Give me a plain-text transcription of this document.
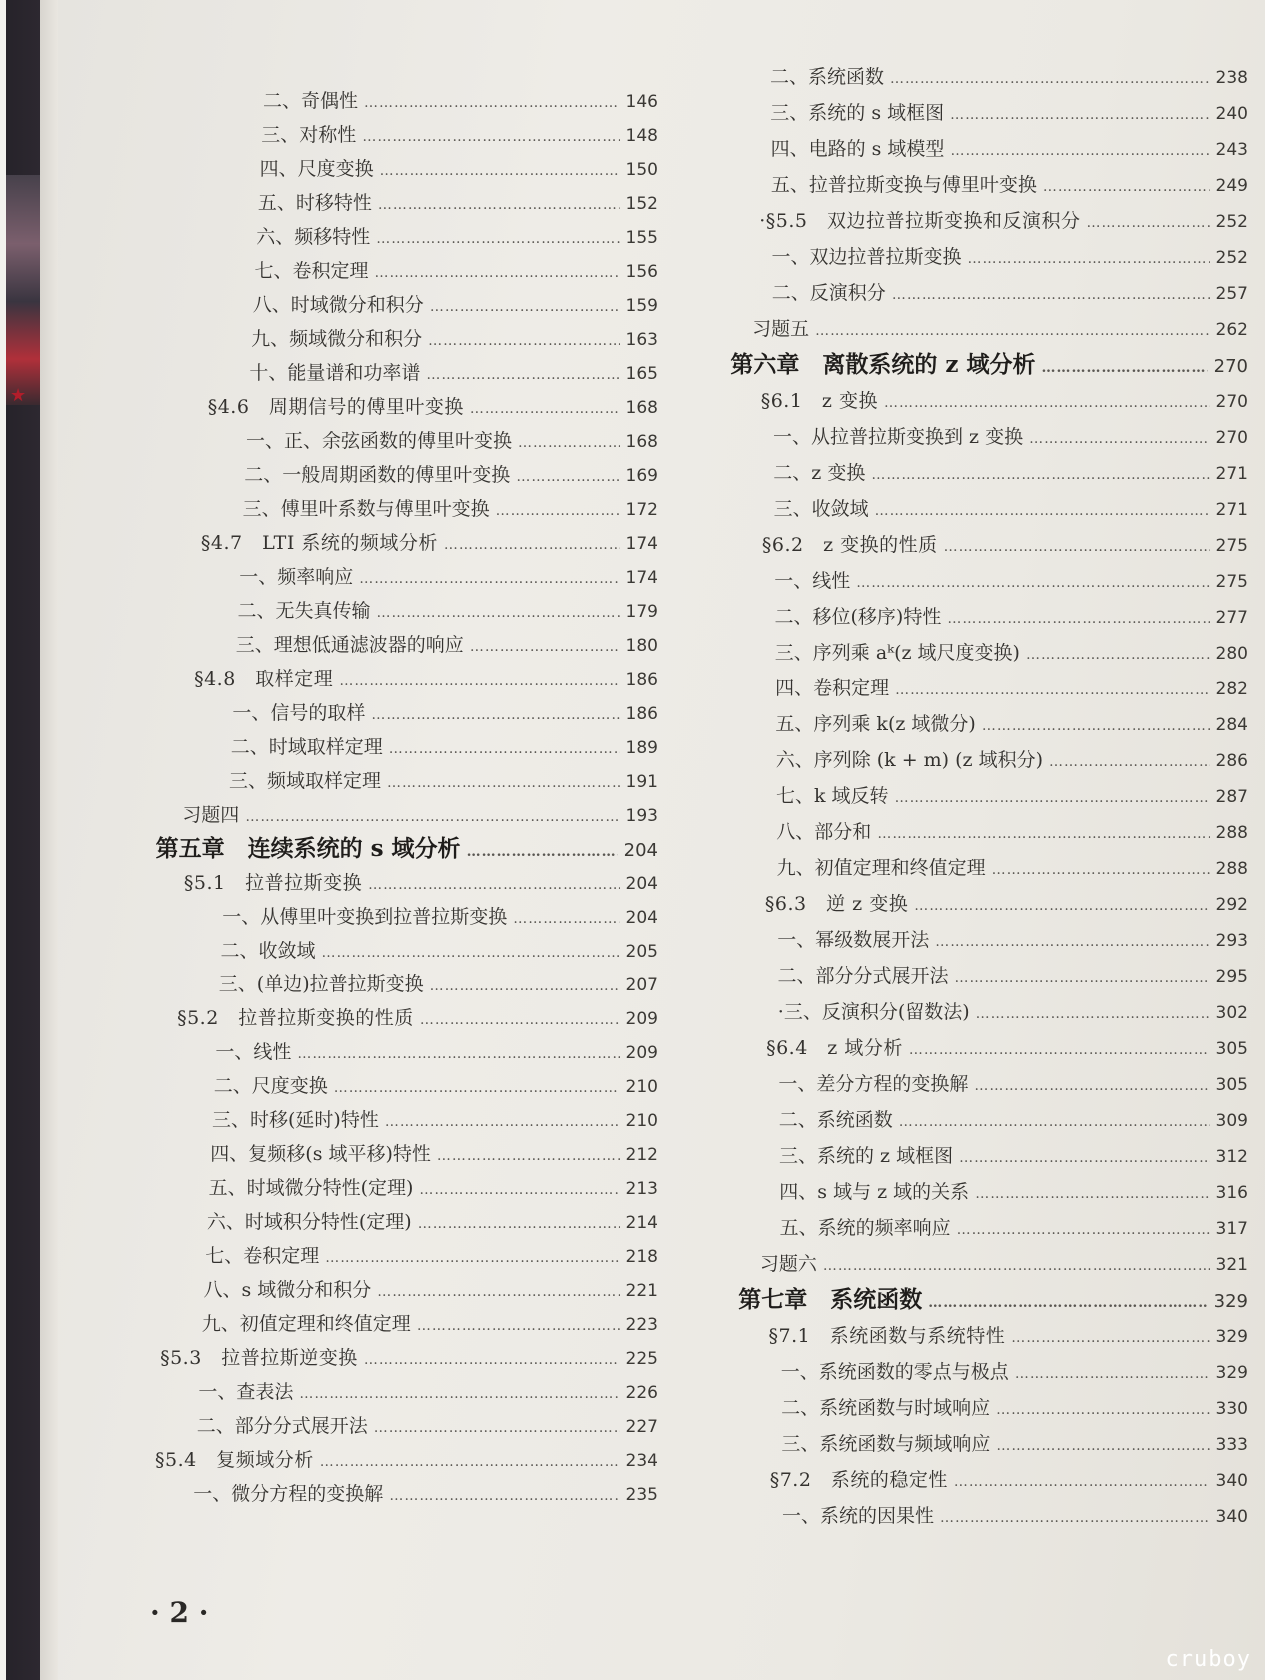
★
二、奇偶性 …………………………………………………………………………………………………………………………………………………………………………………………………………………………………	146
三、对称性 …………………………………………………………………………………………………………………………………………………………………………………………………………………………………	148
四、尺度变换 …………………………………………………………………………………………………………………………………………………………………………………………………………………………………	150
五、时移特性 …………………………………………………………………………………………………………………………………………………………………………………………………………………………………	152
六、频移特性 …………………………………………………………………………………………………………………………………………………………………………………………………………………………………	155
七、卷积定理 …………………………………………………………………………………………………………………………………………………………………………………………………………………………………	156
八、时域微分和积分 …………………………………………………………………………………………………………………………………………………………………………………………………………………………………	159
九、频域微分和积分 …………………………………………………………………………………………………………………………………………………………………………………………………………………………………	163
十、能量谱和功率谱 …………………………………………………………………………………………………………………………………………………………………………………………………………………………………	165
§4.6　周期信号的傅里叶变换 …………………………………………………………………………………………………………………………………………………………………………………………………………………………………	168
一、正、余弦函数的傅里叶变换 …………………………………………………………………………………………………………………………………………………………………………………………………………………………………	168
二、一般周期函数的傅里叶变换 …………………………………………………………………………………………………………………………………………………………………………………………………………………………………	169
三、傅里叶系数与傅里叶变换 …………………………………………………………………………………………………………………………………………………………………………………………………………………………………	172
§4.7　LTI 系统的频域分析 …………………………………………………………………………………………………………………………………………………………………………………………………………………………………	174
一、频率响应 …………………………………………………………………………………………………………………………………………………………………………………………………………………………………	174
二、无失真传输 …………………………………………………………………………………………………………………………………………………………………………………………………………………………………	179
三、理想低通滤波器的响应 …………………………………………………………………………………………………………………………………………………………………………………………………………………………………	180
§4.8　取样定理 …………………………………………………………………………………………………………………………………………………………………………………………………………………………………	186
一、信号的取样 …………………………………………………………………………………………………………………………………………………………………………………………………………………………………	186
二、时域取样定理 …………………………………………………………………………………………………………………………………………………………………………………………………………………………………	189
三、频域取样定理 …………………………………………………………………………………………………………………………………………………………………………………………………………………………………	191
习题四 …………………………………………………………………………………………………………………………………………………………………………………………………………………………………	193
第五章　连续系统的 s 域分析 …………………………………………………………………………………………………………………………………………………………………………………………………………………………………	204
§5.1　拉普拉斯变换 …………………………………………………………………………………………………………………………………………………………………………………………………………………………………	204
一、从傅里叶变换到拉普拉斯变换 …………………………………………………………………………………………………………………………………………………………………………………………………………………………………	204
二、收敛域 …………………………………………………………………………………………………………………………………………………………………………………………………………………………………	205
三、(单边)拉普拉斯变换 …………………………………………………………………………………………………………………………………………………………………………………………………………………………………	207
§5.2　拉普拉斯变换的性质 …………………………………………………………………………………………………………………………………………………………………………………………………………………………………	209
一、线性 …………………………………………………………………………………………………………………………………………………………………………………………………………………………………	209
二、尺度变换 …………………………………………………………………………………………………………………………………………………………………………………………………………………………………	210
三、时移(延时)特性 …………………………………………………………………………………………………………………………………………………………………………………………………………………………………	210
四、复频移(s 域平移)特性 …………………………………………………………………………………………………………………………………………………………………………………………………………………………………	212
五、时域微分特性(定理) …………………………………………………………………………………………………………………………………………………………………………………………………………………………………	213
六、时域积分特性(定理) …………………………………………………………………………………………………………………………………………………………………………………………………………………………………	214
七、卷积定理 …………………………………………………………………………………………………………………………………………………………………………………………………………………………………	218
八、s 域微分和积分 …………………………………………………………………………………………………………………………………………………………………………………………………………………………………	221
九、初值定理和终值定理 …………………………………………………………………………………………………………………………………………………………………………………………………………………………………	223
§5.3　拉普拉斯逆变换 …………………………………………………………………………………………………………………………………………………………………………………………………………………………………	225
一、查表法 …………………………………………………………………………………………………………………………………………………………………………………………………………………………………	226
二、部分分式展开法 …………………………………………………………………………………………………………………………………………………………………………………………………………………………………	227
§5.4　复频域分析 …………………………………………………………………………………………………………………………………………………………………………………………………………………………………	234
一、微分方程的变换解 …………………………………………………………………………………………………………………………………………………………………………………………………………………………………	235
二、系统函数 …………………………………………………………………………………………………………………………………………………………………………………………………………………………………	238
三、系统的 s 域框图 …………………………………………………………………………………………………………………………………………………………………………………………………………………………………	240
四、电路的 s 域模型 …………………………………………………………………………………………………………………………………………………………………………………………………………………………………	243
五、拉普拉斯变换与傅里叶变换 …………………………………………………………………………………………………………………………………………………………………………………………………………………………………	249
·§5.5　双边拉普拉斯变换和反演积分 …………………………………………………………………………………………………………………………………………………………………………………………………………………………………	252
一、双边拉普拉斯变换 …………………………………………………………………………………………………………………………………………………………………………………………………………………………………	252
二、反演积分 …………………………………………………………………………………………………………………………………………………………………………………………………………………………………	257
习题五 …………………………………………………………………………………………………………………………………………………………………………………………………………………………………	262
第六章　离散系统的 z 域分析 …………………………………………………………………………………………………………………………………………………………………………………………………………………………………	270
§6.1　z 变换 …………………………………………………………………………………………………………………………………………………………………………………………………………………………………	270
一、从拉普拉斯变换到 z 变换 …………………………………………………………………………………………………………………………………………………………………………………………………………………………………	270
二、z 变换 …………………………………………………………………………………………………………………………………………………………………………………………………………………………………	271
三、收敛域 …………………………………………………………………………………………………………………………………………………………………………………………………………………………………	271
§6.2　z 变换的性质 …………………………………………………………………………………………………………………………………………………………………………………………………………………………………	275
一、线性 …………………………………………………………………………………………………………………………………………………………………………………………………………………………………	275
二、移位(移序)特性 …………………………………………………………………………………………………………………………………………………………………………………………………………………………………	277
三、序列乘 aᵏ(z 域尺度变换) …………………………………………………………………………………………………………………………………………………………………………………………………………………………………	280
四、卷积定理 …………………………………………………………………………………………………………………………………………………………………………………………………………………………………	282
五、序列乘 k(z 域微分) …………………………………………………………………………………………………………………………………………………………………………………………………………………………………	284
六、序列除 (k + m) (z 域积分) …………………………………………………………………………………………………………………………………………………………………………………………………………………………………	286
七、k 域反转 …………………………………………………………………………………………………………………………………………………………………………………………………………………………………	287
八、部分和 …………………………………………………………………………………………………………………………………………………………………………………………………………………………………	288
九、初值定理和终值定理 …………………………………………………………………………………………………………………………………………………………………………………………………………………………………	288
§6.3　逆 z 变换 …………………………………………………………………………………………………………………………………………………………………………………………………………………………………	292
一、幂级数展开法 …………………………………………………………………………………………………………………………………………………………………………………………………………………………………	293
二、部分分式展开法 …………………………………………………………………………………………………………………………………………………………………………………………………………………………………	295
·三、反演积分(留数法) …………………………………………………………………………………………………………………………………………………………………………………………………………………………………	302
§6.4　z 域分析 …………………………………………………………………………………………………………………………………………………………………………………………………………………………………	305
一、差分方程的变换解 …………………………………………………………………………………………………………………………………………………………………………………………………………………………………	305
二、系统函数 …………………………………………………………………………………………………………………………………………………………………………………………………………………………………	309
三、系统的 z 域框图 …………………………………………………………………………………………………………………………………………………………………………………………………………………………………	312
四、s 域与 z 域的关系 …………………………………………………………………………………………………………………………………………………………………………………………………………………………………	316
五、系统的频率响应 …………………………………………………………………………………………………………………………………………………………………………………………………………………………………	317
习题六 …………………………………………………………………………………………………………………………………………………………………………………………………………………………………	321
第七章　系统函数 …………………………………………………………………………………………………………………………………………………………………………………………………………………………………	329
§7.1　系统函数与系统特性 …………………………………………………………………………………………………………………………………………………………………………………………………………………………………	329
一、系统函数的零点与极点 …………………………………………………………………………………………………………………………………………………………………………………………………………………………………	329
二、系统函数与时域响应 …………………………………………………………………………………………………………………………………………………………………………………………………………………………………	330
三、系统函数与频域响应 …………………………………………………………………………………………………………………………………………………………………………………………………………………………………	333
§7.2　系统的稳定性 …………………………………………………………………………………………………………………………………………………………………………………………………………………………………	340
一、系统的因果性 …………………………………………………………………………………………………………………………………………………………………………………………………………………………………	340
· 2 ·
cruboy
